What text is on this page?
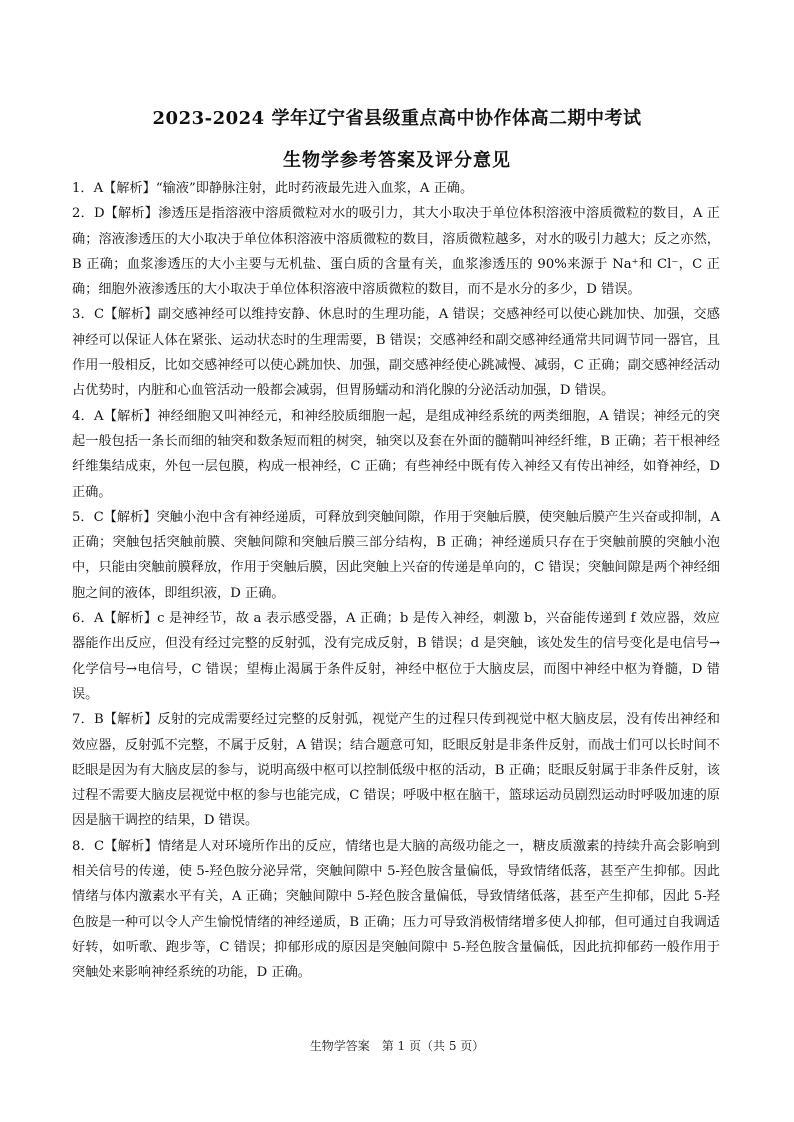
2023-2024 学年辽宁省县级重点高中协作体高二期中考试
生物学参考答案及评分意见

1．A【解析】“输液”即静脉注射，此时药液最先进入血浆，A 正确。

2．D【解析】渗透压是指溶液中溶质微粒对水的吸引力，其大小取决于单位体积溶液中溶质微粒的数目，A 正确；溶液渗透压的大小取决于单位体积溶液中溶质微粒的数目，溶质微粒越多，对水的吸引力越大；反之亦然，B 正确；血浆渗透压的大小主要与无机盐、蛋白质的含量有关，血浆渗透压的 90%来源于 Na⁺和 Cl⁻，C 正确；细胞外液渗透压的大小取决于单位体积溶液中溶质微粒的数目，而不是水分的多少，D 错误。

3．C【解析】副交感神经可以维持安静、休息时的生理功能，A 错误；交感神经可以使心跳加快、加强，交感神经可以保证人体在紧张、运动状态时的生理需要，B 错误；交感神经和副交感神经通常共同调节同一器官，且作用一般相反，比如交感神经可以使心跳加快、加强，副交感神经使心跳减慢、减弱，C 正确；副交感神经活动占优势时，内脏和心血管活动一般都会减弱，但胃肠蠕动和消化腺的分泌活动加强，D 错误。

4．A【解析】神经细胞又叫神经元，和神经胶质细胞一起，是组成神经系统的两类细胞，A 错误；神经元的突起一般包括一条长而细的轴突和数条短而粗的树突，轴突以及套在外面的髓鞘叫神经纤维，B 正确；若干根神经纤维集结成束，外包一层包膜，构成一根神经，C 正确；有些神经中既有传入神经又有传出神经，如脊神经，D 正确。

5．C【解析】突触小泡中含有神经递质，可释放到突触间隙，作用于突触后膜，使突触后膜产生兴奋或抑制，A 正确；突触包括突触前膜、突触间隙和突触后膜三部分结构，B 正确；神经递质只存在于突触前膜的突触小泡中，只能由突触前膜释放，作用于突触后膜，因此突触上兴奋的传递是单向的，C 错误；突触间隙是两个神经细胞之间的液体，即组织液，D 正确。

6．A【解析】c 是神经节，故 a 表示感受器，A 正确；b 是传入神经，刺激 b，兴奋能传递到 f 效应器，效应器能作出反应，但没有经过完整的反射弧，没有完成反射，B 错误；d 是突触，该处发生的信号变化是电信号→化学信号→电信号，C 错误；望梅止渴属于条件反射，神经中枢位于大脑皮层，而图中神经中枢为脊髓，D 错误。

7．B【解析】反射的完成需要经过完整的反射弧，视觉产生的过程只传到视觉中枢大脑皮层，没有传出神经和效应器，反射弧不完整，不属于反射，A 错误；结合题意可知，眨眼反射是非条件反射，而战士们可以长时间不眨眼是因为有大脑皮层的参与，说明高级中枢可以控制低级中枢的活动，B 正确；眨眼反射属于非条件反射，该过程不需要大脑皮层视觉中枢的参与也能完成，C 错误；呼吸中枢在脑干，篮球运动员剧烈运动时呼吸加速的原因是脑干调控的结果，D 错误。

8．C【解析】情绪是人对环境所作出的反应，情绪也是大脑的高级功能之一，糖皮质激素的持续升高会影响到相关信号的传递，使 5-羟色胺分泌异常，突触间隙中 5-羟色胺含量偏低，导致情绪低落，甚至产生抑郁。因此情绪与体内激素水平有关，A 正确；突触间隙中 5-羟色胺含量偏低，导致情绪低落，甚至产生抑郁，因此 5-羟色胺是一种可以令人产生愉悦情绪的神经递质，B 正确；压力可导致消极情绪增多使人抑郁，但可通过自我调适好转，如听歌、跑步等，C 错误；抑郁形成的原因是突触间隙中 5-羟色胺含量偏低，因此抗抑郁药一般作用于突触处来影响神经系统的功能，D 正确。

生物学答案　第 1 页（共 5 页）
